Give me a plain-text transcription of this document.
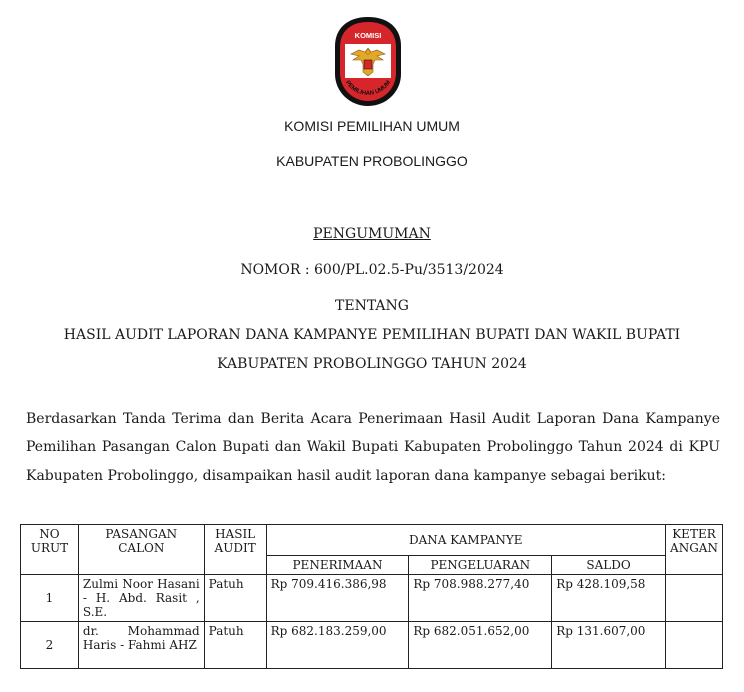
KOMISI
PEMILIHAN UMUM
KOMISI PEMILIHAN UMUM
KABUPATEN PROBOLINGGO
PENGUMUMAN
NOMOR : 600/PL.02.5-Pu/3513/2024
TENTANG
HASIL AUDIT LAPORAN DANA KAMPANYE PEMILIHAN BUPATI DAN WAKIL BUPATI
KABUPATEN PROBOLINGGO TAHUN 2024
Berdasarkan Tanda Terima dan Berita Acara Penerimaan Hasil Audit Laporan Dana Kampanye Pemilihan Pasangan Calon Bupati dan Wakil Bupati Kabupaten Probolinggo Tahun 2024 di KPU Kabupaten Probolinggo, disampaikan hasil audit laporan dana kampanye sebagai berikut:
NO URUT	PASANGAN CALON	HASIL AUDIT	DANA KAMPANYE			KETER ANGAN
			PENERIMAAN	PENGELUARAN	SALDO	
1	Zulmi Noor Hasani - H. Abd. Rasit , S.E.	Patuh	Rp 709.416.386,98	Rp 708.988.277,40	Rp 428.109,58	
2	dr. Mohammad Haris - Fahmi AHZ	Patuh	Rp 682.183.259,00	Rp 682.051.652,00	Rp 131.607,00	
